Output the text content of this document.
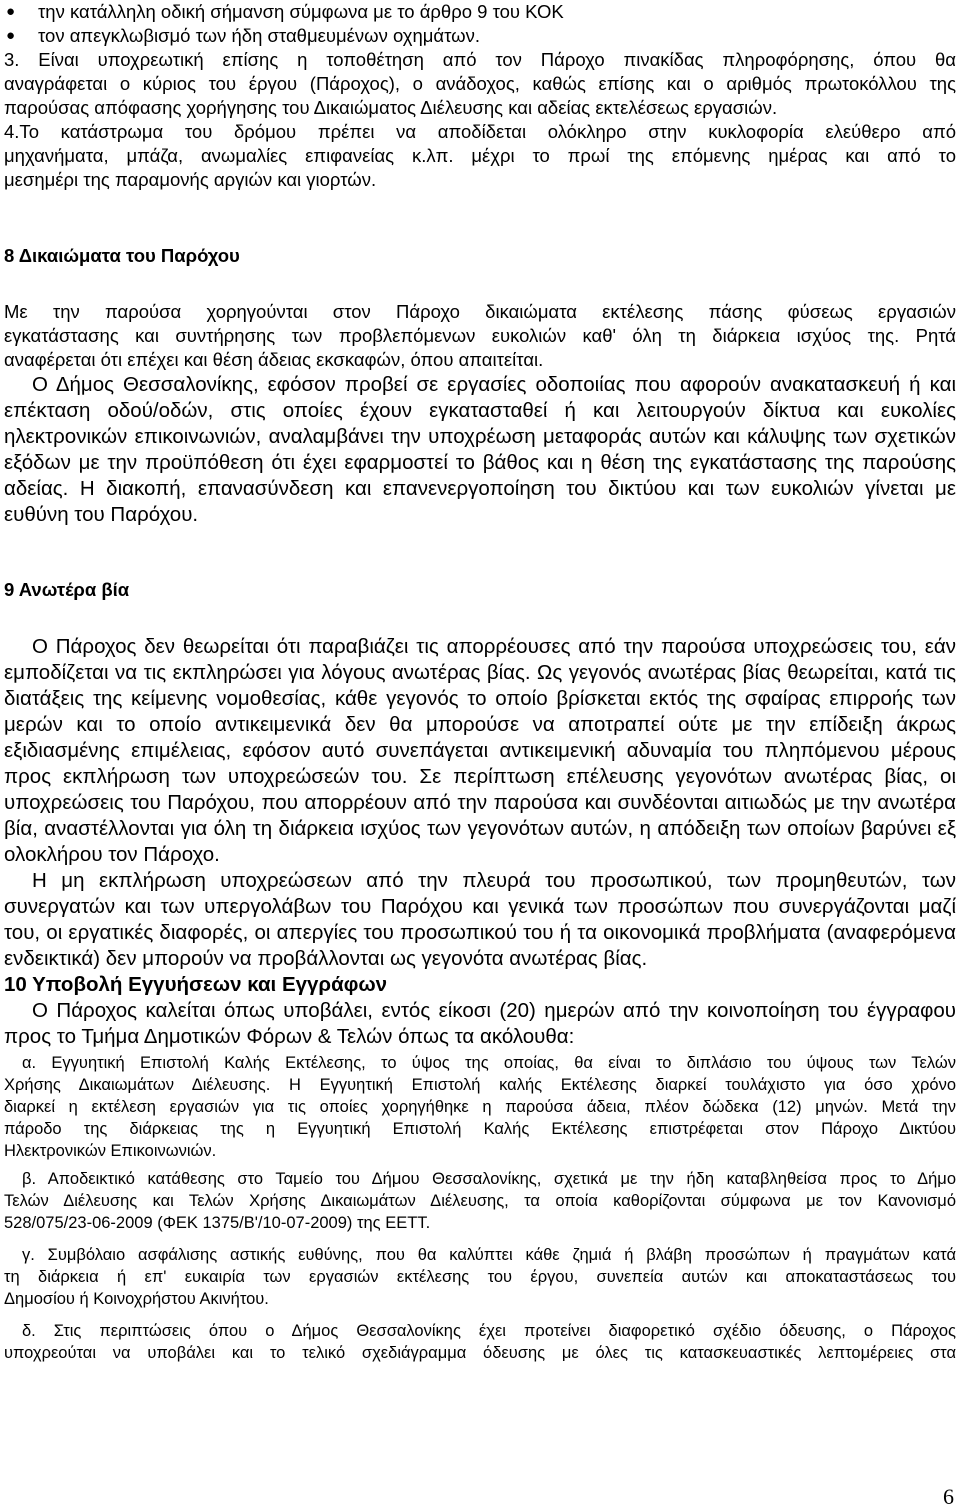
● την κατάλληλη οδική σήμανση σύμφωνα με το άρθρο 9 του ΚΟΚ
● τον απεγκλωβισμό των ήδη σταθμευμένων οχημάτων.
3. Είναι υποχρεωτική επίσης η τοποθέτηση από τον Πάροχο πινακίδας πληροφόρησης, όπου θα
αναγράφεται ο κύριος του έργου (Πάροχος), ο ανάδοχος, καθώς επίσης και ο αριθμός πρωτοκόλλου της
παρούσας απόφασης χορήγησης του Δικαιώματος Διέλευσης και αδείας εκτελέσεως εργασιών.
4.Το κατάστρωμα του δρόμου πρέπει να αποδίδεται ολόκληρο στην κυκλοφορία ελεύθερο από
μηχανήματα, μπάζα, ανωμαλίες επιφανείας κ.λπ. μέχρι το πρωί της επόμενης ημέρας και από το
μεσημέρι της παραμονής αργιών και γιορτών.
8 Δικαιώματα του Παρόχου
Με την παρούσα χορηγούνται στον Πάροχο δικαιώματα εκτέλεσης πάσης φύσεως εργασιών
εγκατάστασης και συντήρησης των προβλεπόμενων ευκολιών καθ' όλη τη διάρκεια ισχύος της. Ρητά
αναφέρεται ότι επέχει και θέση άδειας εκσκαφών, όπου απαιτείται.
Ο Δήμος Θεσσαλονίκης, εφόσον προβεί σε εργασίες οδοποιίας που αφορούν ανακατασκευή ή και
επέκταση οδού/οδών, στις οποίες έχουν εγκατασταθεί ή και λειτουργούν δίκτυα και ευκολίες
ηλεκτρονικών επικοινωνιών, αναλαμβάνει την υποχρέωση μεταφοράς αυτών και κάλυψης των σχετικών
εξόδων με την προϋπόθεση ότι έχει εφαρμοστεί το βάθος και η θέση της εγκατάστασης της παρούσης
αδείας. Η διακοπή, επανασύνδεση και επανενεργοποίηση του δικτύου και των ευκολιών γίνεται με
ευθύνη του Παρόχου.
9 Ανωτέρα βία
Ο Πάροχος δεν θεωρείται ότι παραβιάζει τις απορρέουσες από την παρούσα υποχρεώσεις του, εάν
εμποδίζεται να τις εκπληρώσει για λόγους ανωτέρας βίας. Ως γεγονός ανωτέρας βίας θεωρείται, κατά τις
διατάξεις της κείμενης νομοθεσίας, κάθε γεγονός το οποίο βρίσκεται εκτός της σφαίρας επιρροής των
μερών και το οποίο αντικειμενικά δεν θα μπορούσε να αποτραπεί ούτε με την επίδειξη άκρως
εξιδιασμένης επιμέλειας, εφόσον αυτό συνεπάγεται αντικειμενική αδυναμία του πληπόμενου μέρους
προς εκπλήρωση των υποχρεώσεών του. Σε περίπτωση επέλευσης γεγονότων ανωτέρας βίας, οι
υποχρεώσεις του Παρόχου, που απορρέουν από την παρούσα και συνδέονται αιτιωδώς με την ανωτέρα
βία, αναστέλλονται για όλη τη διάρκεια ισχύος των γεγονότων αυτών, η απόδειξη των οποίων βαρύνει εξ
ολοκλήρου τον Πάροχο.
Η μη εκπλήρωση υποχρεώσεων από την πλευρά του προσωπικού, των προμηθευτών, των
συνεργατών και των υπεργολάβων του Παρόχου και γενικά των προσώπων που συνεργάζονται μαζί
του, οι εργατικές διαφορές, οι απεργίες του προσωπικού του ή τα οικονομικά προβλήματα (αναφερόμενα
ενδεικτικά) δεν μπορούν να προβάλλονται ως γεγονότα ανωτέρας βίας.
10 Υποβολή Εγγυήσεων και Εγγράφων
Ο Πάροχος καλείται όπως υποβάλει, εντός είκοσι (20) ημερών από την κοινοποίηση του έγγραφου
προς το Τμήμα Δημοτικών Φόρων & Τελών όπως τα ακόλουθα:
α. Εγγυητική Επιστολή Καλής Εκτέλεσης, το ύψος της οποίας, θα είναι το διπλάσιο του ύψους των Τελών
Χρήσης Δικαιωμάτων Διέλευσης. Η Εγγυητική Επιστολή καλής Εκτέλεσης διαρκεί τουλάχιστο για όσο χρόνο
διαρκεί η εκτέλεση εργασιών για τις οποίες χορηγήθηκε η παρούσα άδεια, πλέον δώδεκα (12) μηνών. Μετά την
πάροδο της διάρκειας της η Εγγυητική Επιστολή Καλής Εκτέλεσης επιστρέφεται στον Πάροχο Δικτύου
Ηλεκτρονικών Επικοινωνιών.
β. Αποδεικτικό κατάθεσης στο Ταμείο του Δήμου Θεσσαλονίκης, σχετικά με την ήδη καταβληθείσα προς το Δήμο
Τελών Διέλευσης και Τελών Χρήσης Δικαιωμάτων Διέλευσης, τα οποία καθορίζονται σύμφωνα με τον Κανονισμό
528/075/23-06-2009 (ΦΕΚ 1375/Β'/10-07-2009) της ΕΕΤΤ.
γ. Συμβόλαιο ασφάλισης αστικής ευθύνης, που θα καλύπτει κάθε ζημιά ή βλάβη προσώπων ή πραγμάτων κατά
τη διάρκεια ή επ' ευκαιρία των εργασιών εκτέλεσης του έργου, συνεπεία αυτών και αποκαταστάσεως του
Δημοσίου ή Κοινοχρήστου Ακινήτου.
δ. Στις περιπτώσεις όπου ο Δήμος Θεσσαλονίκης έχει προτείνει διαφορετικό σχέδιο όδευσης, ο Πάροχος
υποχρεούται να υποβάλει και το τελικό σχεδιάγραμμα όδευσης με όλες τις κατασκευαστικές λεπτομέρειες στα
6
